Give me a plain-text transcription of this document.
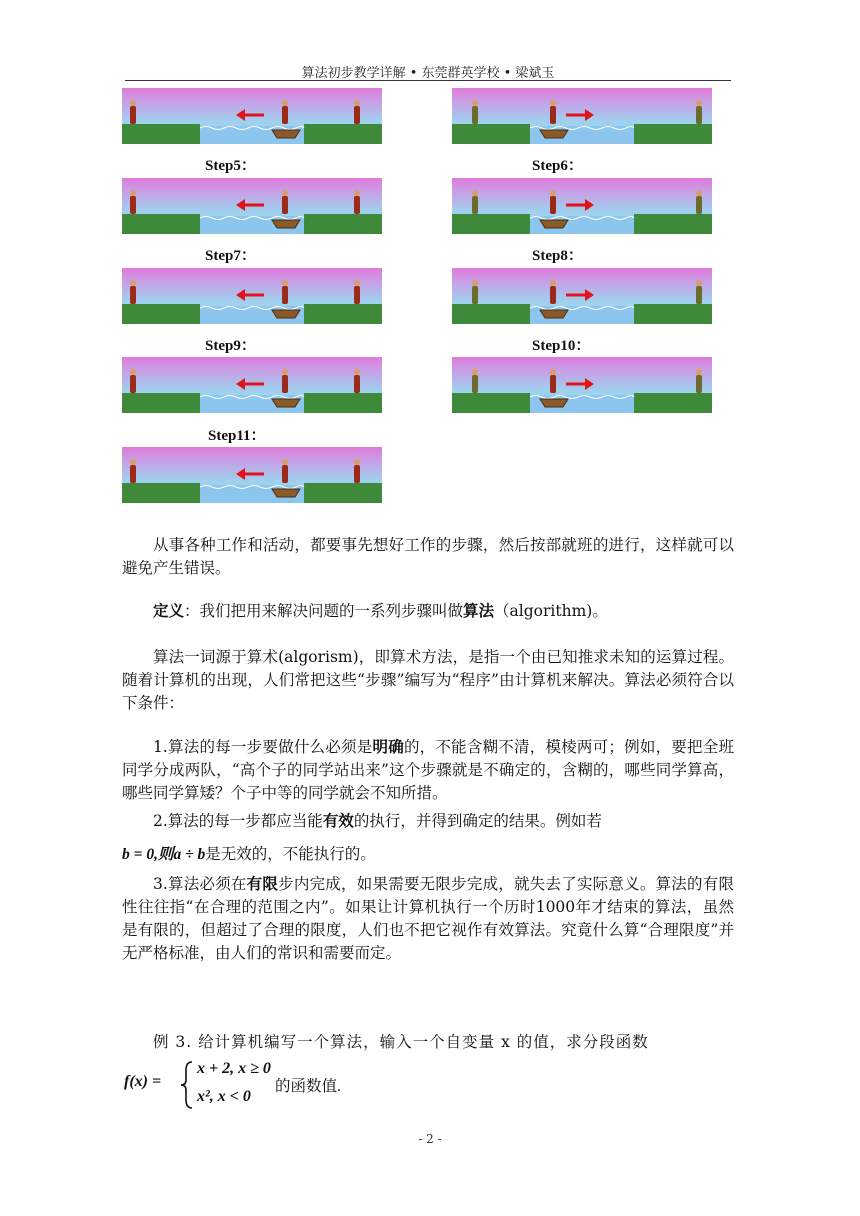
算法初步教学详解 • 东莞群英学校 • 梁斌玉
Step5：	Step6：
Step7：	Step8：
Step9：	Step10：
Step11：
从事各种工作和活动，都要事先想好工作的步骤，然后按部就班的进行，这样就可以避免产生错误。
定义：我们把用来解决问题的一系列步骤叫做算法（algorithm)。
算法一词源于算术(algorism)，即算术方法，是指一个由已知推求未知的运算过程。随着计算机的出现，人们常把这些“步骤”编写为“程序”由计算机来解决。算法必须符合以下条件：
1.算法的每一步要做什么必须是明确的，不能含糊不清，模棱两可；例如，要把全班同学分成两队，“高个子的同学站出来”这个步骤就是不确定的，含糊的，哪些同学算高，哪些同学算矮？个子中等的同学就会不知所措。
2.算法的每一步都应当能有效的执行，并得到确定的结果。例如若
b = 0,则a ÷ b是无效的，不能执行的。
3.算法必须在有限步内完成，如果需要无限步完成，就失去了实际意义。算法的有限性往往指“在合理的范围之内”。如果让计算机执行一个历时1000年才结束的算法，虽然是有限的，但超过了合理的限度，人们也不把它视作有效算法。究竟什么算“合理限度”并无严格标准，由人们的常识和需要而定。
例 3. 给计算机编写一个算法，输入一个自变量 x 的值，求分段函数
f(x) =
x + 2, x ≥ 0
x², x < 0
的函数值.
- 2 -
